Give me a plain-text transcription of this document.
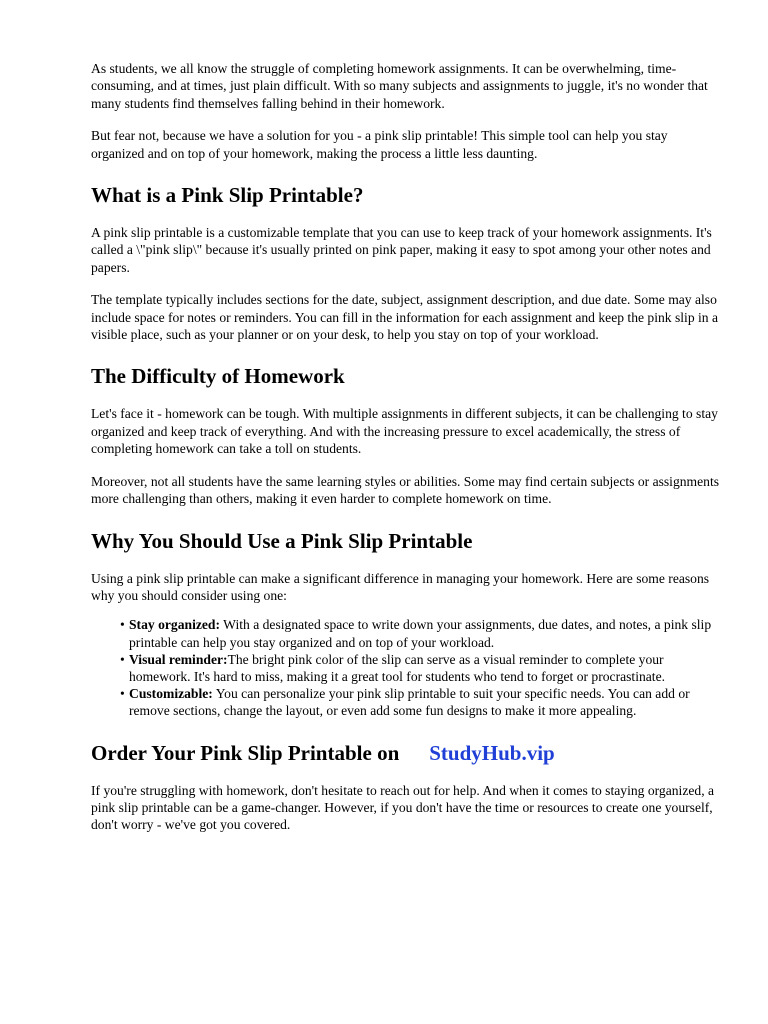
As students, we all know the struggle of completing homework assignments. It can be overwhelming, time-consuming, and at times, just plain difficult. With so many subjects and assignments to juggle, it's no wonder that many students find themselves falling behind in their homework.

But fear not, because we have a solution for you - a pink slip printable! This simple tool can help you stay organized and on top of your homework, making the process a little less daunting.

What is a Pink Slip Printable?

A pink slip printable is a customizable template that you can use to keep track of your homework assignments. It's called a \"pink slip\" because it's usually printed on pink paper, making it easy to spot among your other notes and papers.

The template typically includes sections for the date, subject, assignment description, and due date. Some may also include space for notes or reminders. You can fill in the information for each assignment and keep the pink slip in a visible place, such as your planner or on your desk, to help you stay on top of your workload.

The Difficulty of Homework

Let's face it - homework can be tough. With multiple assignments in different subjects, it can be challenging to stay organized and keep track of everything. And with the increasing pressure to excel academically, the stress of completing homework can take a toll on students.

Moreover, not all students have the same learning styles or abilities. Some may find certain subjects or assignments more challenging than others, making it even harder to complete homework on time.

Why You Should Use a Pink Slip Printable

Using a pink slip printable can make a significant difference in managing your homework. Here are some reasons why you should consider using one:

• Stay organized: With a designated space to write down your assignments, due dates, and notes, a pink slip printable can help you stay organized and on top of your workload.
• Visual reminder:The bright pink color of the slip can serve as a visual reminder to complete your homework. It's hard to miss, making it a great tool for students who tend to forget or procrastinate.
• Customizable: You can personalize your pink slip printable to suit your specific needs. You can add or remove sections, change the layout, or even add some fun designs to make it more appealing.
Order Your Pink Slip Printable on StudyHub.vip

If you're struggling with homework, don't hesitate to reach out for help. And when it comes to staying organized, a pink slip printable can be a game-changer. However, if you don't have the time or resources to create one yourself, don't worry - we've got you covered.
